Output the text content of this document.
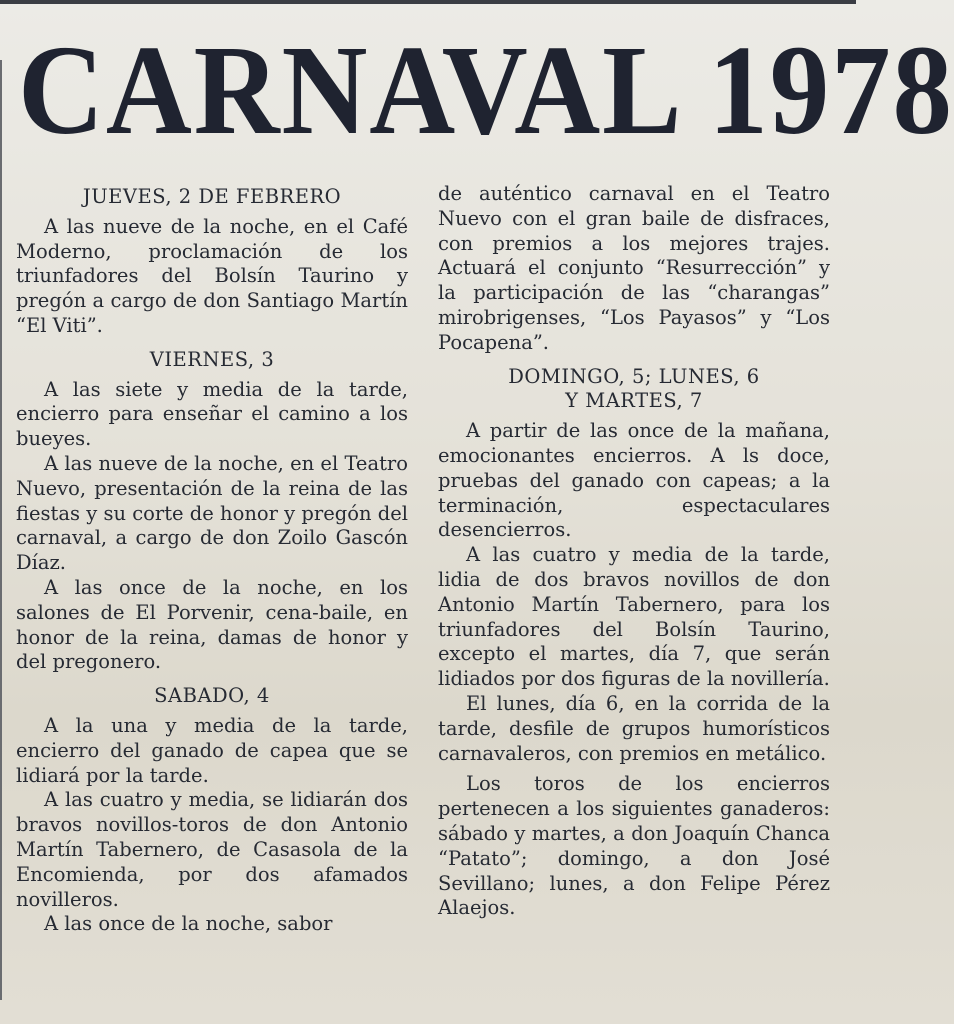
CARNAVAL 1978
JUEVES, 2 DE FEBRERO

A las nueve de la noche, en el Café Moderno, proclamación de los triunfadores del Bolsín Taurino y pregón a cargo de don Santiago Martín “El Viti”.

VIERNES, 3

A las siete y media de la tarde, encierro para enseñar el camino a los bueyes.

A las nueve de la noche, en el Teatro Nuevo, presentación de la reina de las fiestas y su corte de honor y pregón del carnaval, a cargo de don Zoilo Gascón Díaz.

A las once de la noche, en los salones de El Porvenir, cena-baile, en honor de la reina, damas de honor y del pregonero.

SABADO, 4

A la una y media de la tarde, encierro del ganado de capea que se lidiará por la tarde.

A las cuatro y media, se lidiarán dos bravos novillos-toros de don Antonio Martín Tabernero, de Casasola de la Encomienda, por dos afamados novilleros.

A las once de la noche, sabor

de auténtico carnaval en el Teatro Nuevo con el gran baile de disfraces, con premios a los mejores trajes. Actuará el conjunto “Resurrección” y la participación de las “charangas” mirobrigenses, “Los Payasos” y “Los Pocapena”.

DOMINGO, 5; LUNES, 6
Y MARTES, 7

A partir de las once de la mañana, emocionantes encierros. A ls doce, pruebas del ganado con capeas; a la terminación, espectaculares desencierros.

A las cuatro y media de la tarde, lidia de dos bravos novillos de don Antonio Martín Tabernero, para los triunfadores del Bolsín Taurino, excepto el martes, día 7, que serán lidiados por dos figuras de la novillería.

El lunes, día 6, en la corrida de la tarde, desfile de grupos humorísticos carnavaleros, con premios en metálico.

Los toros de los encierros pertenecen a los siguientes ganaderos: sábado y martes, a don Joaquín Chanca “Patato”; domingo, a don José Sevillano; lunes, a don Felipe Pérez Alaejos.
